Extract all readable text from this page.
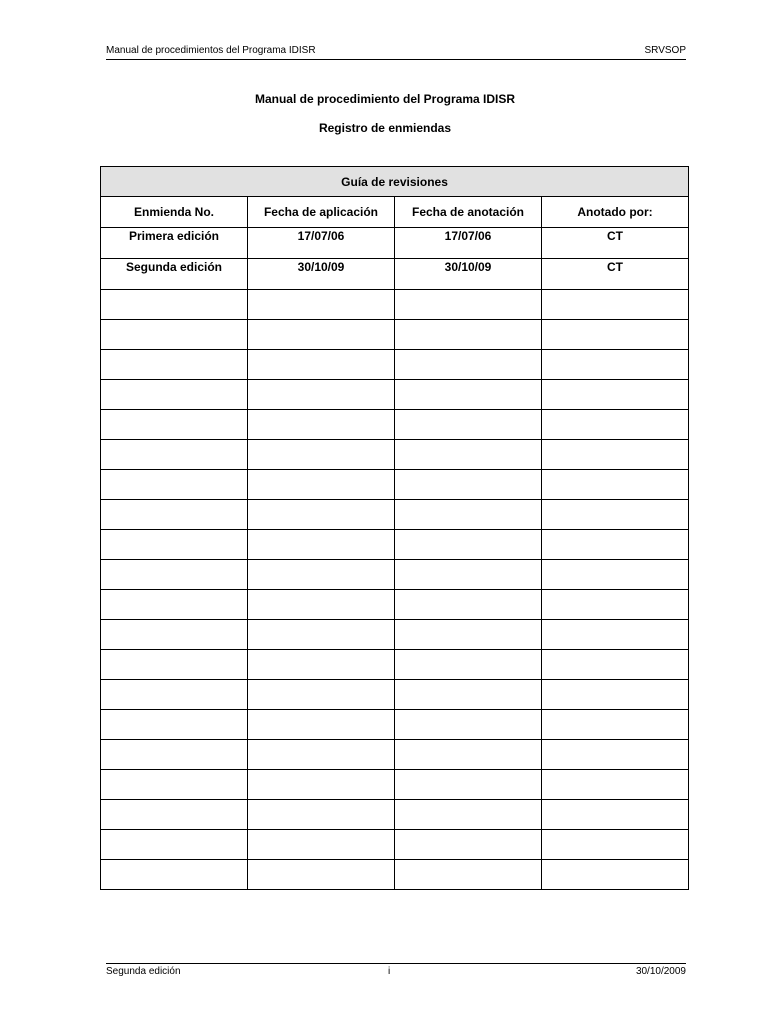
Manual de procedimientos del Programa IDISR	SRVSOP
Manual de procedimiento del Programa IDISR
Registro de enmiendas
Guía de revisiones			
Enmienda No.	Fecha de aplicación	Fecha de anotación	Anotado por:
Primera edición	17/07/06	17/07/06	CT
Segunda edición	30/10/09	30/10/09	CT

Segunda edición	i	30/10/2009
